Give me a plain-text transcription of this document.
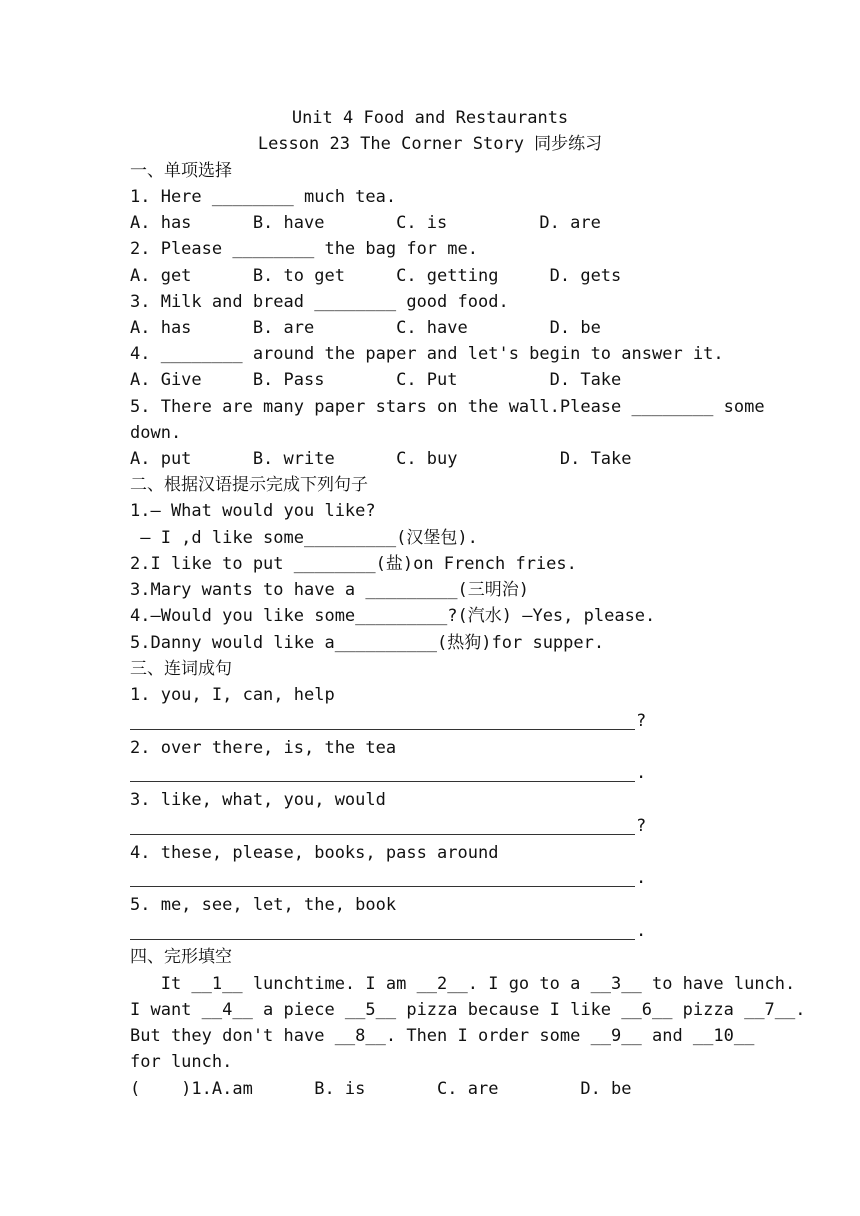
Unit 4 Food and Restaurants
Lesson 23 The Corner Story 同步练习
一、单项选择
1. Here ________ much tea.
A. has      B. have       C. is         D. are
2. Please ________ the bag for me.
A. get      B. to get     C. getting     D. gets
3. Milk and bread ________ good food.
A. has      B. are        C. have        D. be
4. ________ around the paper and let's begin to answer it.
A. Give     B. Pass       C. Put         D. Take
5. There are many paper stars on the wall.Please ________ some
down.
A. put      B. write      C. buy          D. Take
二、根据汉语提示完成下列句子
1.— What would you like?
— I ,d like some_________(汉堡包).
2.I like to put ________(盐)on French fries.
3.Mary wants to have a _________(三明治)
4.—Would you like some_________?(汽水) —Yes, please.
5.Danny would like a__________(热狗)for supper.
三、连词成句
1. you, I, can, help
?
2. over there, is, the tea
.
3. like, what, you, would
?
4. these, please, books, pass around
.
5. me, see, let, the, book
.
四、完形填空
It __1__ lunchtime. I am __2__. I go to a __3__ to have lunch.
I want __4__ a piece __5__ pizza because I like __6__ pizza __7__.
But they don't have __8__. Then I order some __9__ and __10__
for lunch.
(    )1.A.am      B. is       C. are        D. be
